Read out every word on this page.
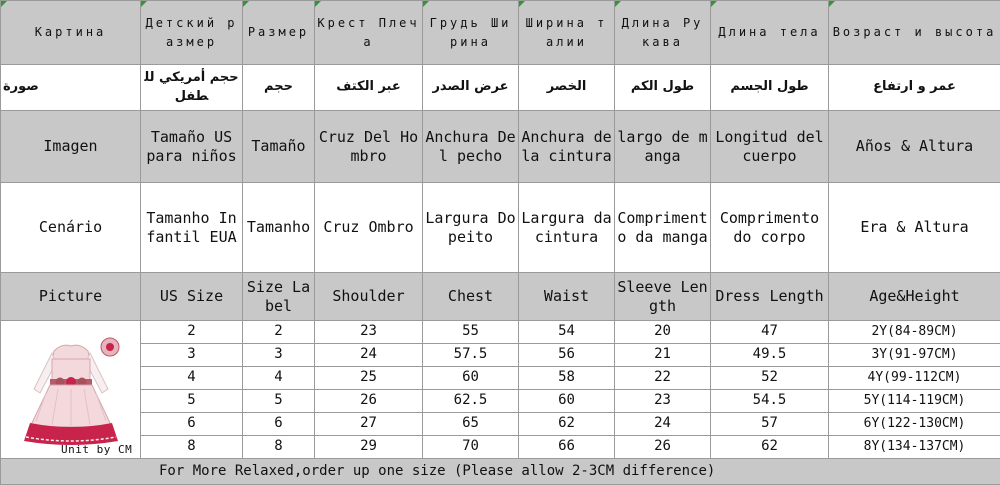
Картина	Детский размер	Размер	Крест Плеча	Грудь Ширина	Ширина талии	Длина Рукава	Длина тела	Возраст и высота
صورة	حجم أمريكي للطفل	حجم	عبر الكتف	عرض الصدر	الخصر	طول الكم	طول الجسم	عمر و ارتفاع
Imagen	Tamaño US para niños	Tamaño	Cruz Del Hombro	Anchura Del pecho	Anchura de la cintura	largo de manga	Longitud del cuerpo	Años & Altura
Cenário	Tamanho Infantil EUA	Tamanho	Cruz Ombro	Largura Do peito	Largura da cintura	Comprimento da manga	Comprimento do corpo	Era & Altura
Picture	US Size	Size Label	Shoulder	Chest	Waist	Sleeve Length	Dress Length	Age&Height

Unit by CM	2	2	23	55	54	20	47	2Y(84-89CM)
	3	3	24	57.5	56	21	49.5	3Y(91-97CM)
	4	4	25	60	58	22	52	4Y(99-112CM)
	5	5	26	62.5	60	23	54.5	5Y(114-119CM)
	6	6	27	65	62	24	57	6Y(122-130CM)
	8	8	29	70	66	26	62	8Y(134-137CM)
For More Relaxed,order up one size (Please allow 2-3CM difference)								
